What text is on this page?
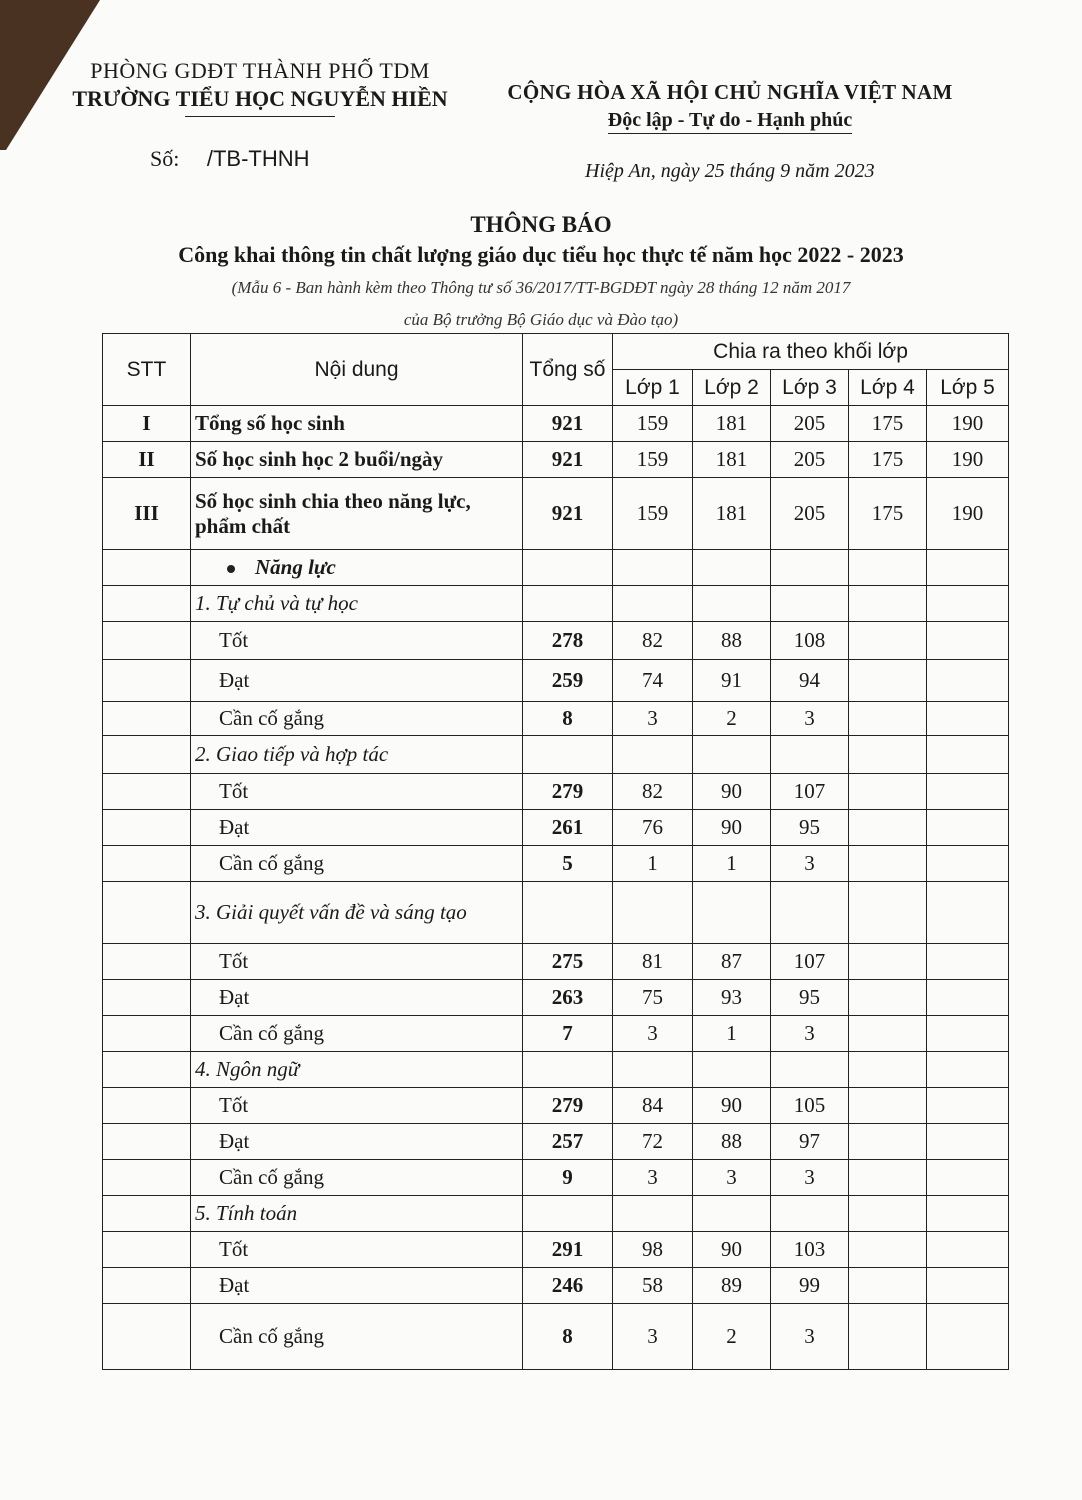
PHÒNG GDĐT THÀNH PHỐ TDM
TRƯỜNG TIỂU HỌC NGUYỄN HIỀN
Số: /TB-THNH
CỘNG HÒA XÃ HỘI CHỦ NGHĨA VIỆT NAM
Độc lập - Tự do - Hạnh phúc
Hiệp An, ngày 25 tháng 9 năm 2023
THÔNG BÁO
Công khai thông tin chất lượng giáo dục tiểu học thực tế năm học 2022 - 2023
(Mẫu 6 - Ban hành kèm theo Thông tư số 36/2017/TT-BGDĐT ngày 28 tháng 12 năm 2017
của Bộ trưởng Bộ Giáo dục và Đào tạo)
STT	Nội dung	Tổng số	Chia ra theo khối lớp				
			Lớp 1	Lớp 2	Lớp 3	Lớp 4	Lớp 5
I	Tổng số học sinh	921	159	181	205	175	190
II	Số học sinh học 2 buổi/ngày	921	159	181	205	175	190
III	Số học sinh chia theo năng lực, phẩm chất	921	159	181	205	175	190
	Năng lực						
	1. Tự chủ và tự học						
	Tốt	278	82	88	108		
	Đạt	259	74	91	94		
	Cần cố gắng	8	3	2	3		
	2. Giao tiếp và hợp tác						
	Tốt	279	82	90	107		
	Đạt	261	76	90	95		
	Cần cố gắng	5	1	1	3		
	3. Giải quyết vấn đề và sáng tạo						
	Tốt	275	81	87	107		
	Đạt	263	75	93	95		
	Cần cố gắng	7	3	1	3		
	4. Ngôn ngữ						
	Tốt	279	84	90	105		
	Đạt	257	72	88	97		
	Cần cố gắng	9	3	3	3		
	5. Tính toán						
	Tốt	291	98	90	103		
	Đạt	246	58	89	99		
	Cần cố gắng	8	3	2	3		
